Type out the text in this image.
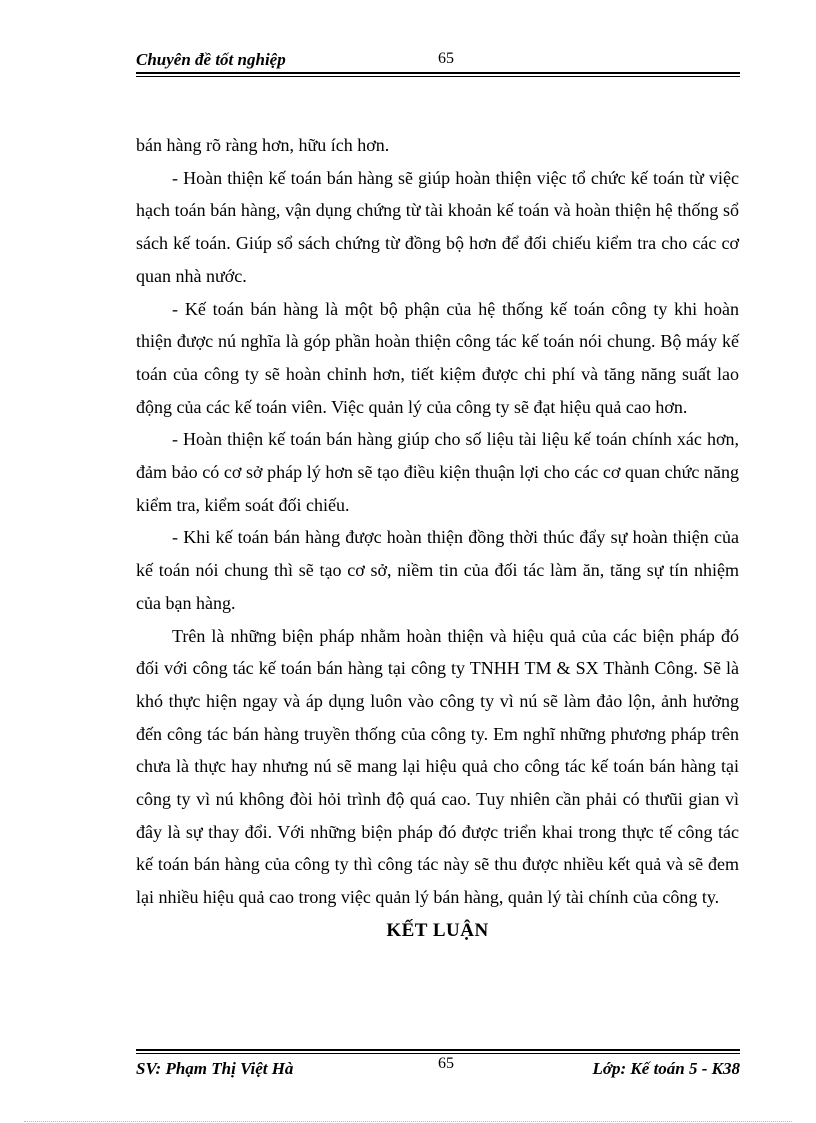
Chuyên đề tốt nghiệp	65

bán hàng rõ ràng hơn, hữu ích hơn.

- Hoàn thiện kế toán bán hàng sẽ giúp hoàn thiện việc tổ chức kế toán từ việc hạch toán bán hàng, vận dụng chứng từ tài khoản kế toán và hoàn thiện hệ thống sổ sách kế toán. Giúp sổ sách chứng từ đồng bộ hơn để đối chiếu kiểm tra cho các cơ quan nhà nước.

- Kế toán bán hàng là một bộ phận của hệ thống kế toán công ty khi hoàn thiện được nú nghĩa là góp phần hoàn thiện công tác kế toán nói chung. Bộ máy kế toán của công ty sẽ hoàn chỉnh hơn, tiết kiệm được chi phí và tăng năng suất lao động của các kế toán viên. Việc quản lý của công ty sẽ đạt hiệu quả cao hơn.

- Hoàn thiện kế toán bán hàng giúp cho số liệu tài liệu kế toán chính xác hơn, đảm bảo có cơ sở pháp lý hơn sẽ tạo điều kiện thuận lợi cho các cơ quan chức năng kiểm tra, kiểm soát đối chiếu.

- Khi kế toán bán hàng được hoàn thiện đồng thời thúc đẩy sự hoàn thiện của kế toán nói chung thì sẽ tạo cơ sở, niềm tin của đối tác làm ăn, tăng sự tín nhiệm của bạn hàng.

Trên là những biện pháp nhằm hoàn thiện và hiệu quả của các biện pháp đó đối với công tác kế toán bán hàng tại công ty TNHH TM & SX Thành Công. Sẽ là khó thực hiện ngay và áp dụng luôn vào công ty vì nú sẽ làm đảo lộn, ảnh hưởng đến công tác bán hàng truyền thống của công ty. Em nghĩ những phương pháp trên chưa là thực hay nhưng nú sẽ mang lại hiệu quả cho công tác kế toán bán hàng tại công ty vì nú không đòi hỏi trình độ quá cao. Tuy nhiên cần phải có thưũi gian vì đây là sự thay đổi. Với những biện pháp đó được triển khai trong thực tế công tác kế toán bán hàng của công ty thì công tác này sẽ thu được nhiều kết quả và sẽ đem lại nhiều hiệu quả cao trong việc quản lý bán hàng, quản lý tài chính của công ty.

KẾT LUẬN
SV: Phạm Thị Việt Hà	65	Lớp: Kế toán 5 - K38
